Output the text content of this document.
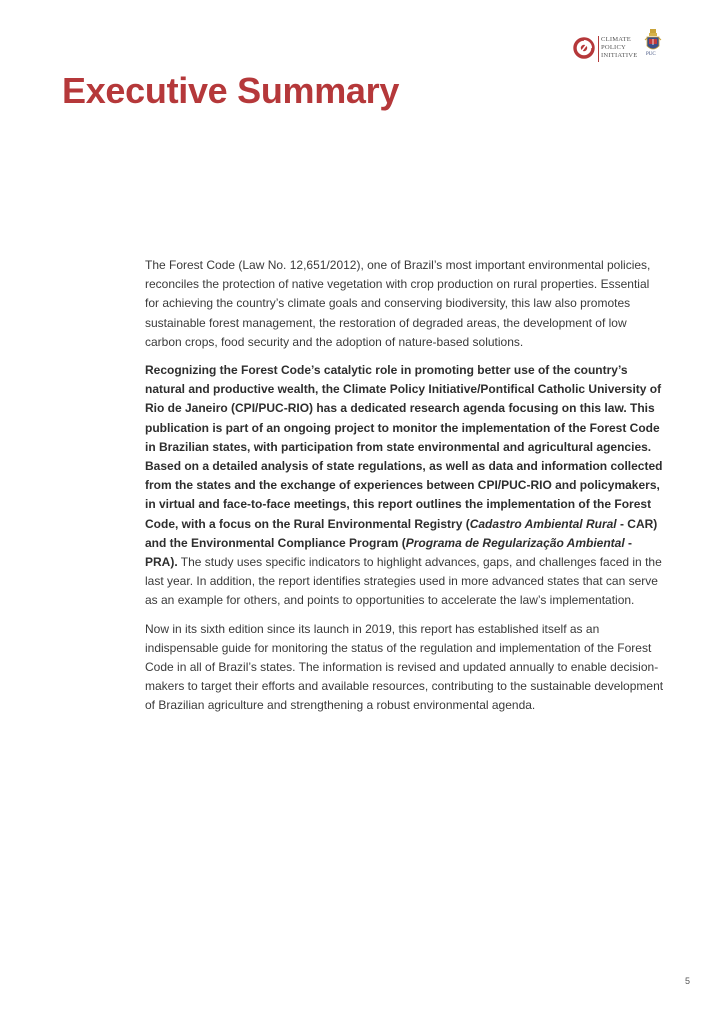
CLIMATE
POLICY
INITIATIVE PUC
Executive Summary

The Forest Code (Law No. 12,651/2012), one of Brazil’s most important environmental policies, reconciles the protection of native vegetation with crop production on rural properties. Essential for achieving the country’s climate goals and conserving biodiversity, this law also promotes sustainable forest management, the restoration of degraded areas, the development of low carbon crops, food security and the adoption of nature-based solutions.

Recognizing the Forest Code’s catalytic role in promoting better use of the country’s natural and productive wealth, the Climate Policy Initiative/Pontifical Catholic University of Rio de Janeiro (CPI/PUC-RIO) has a dedicated research agenda focusing on this law. This publication is part of an ongoing project to monitor the implementation of the Forest Code in Brazilian states, with participation from state environmental and agricultural agencies. Based on a detailed analysis of state regulations, as well as data and information collected from the states and the exchange of experiences between CPI/PUC-RIO and policymakers, in virtual and face-to-face meetings, this report outlines the implementation of the Forest Code, with a focus on the Rural Environmental Registry (Cadastro Ambiental Rural - CAR) and the Environmental Compliance Program (Programa de Regularização Ambiental - PRA). The study uses specific indicators to highlight advances, gaps, and challenges faced in the last year. In addition, the report identifies strategies used in more advanced states that can serve as an example for others, and points to opportunities to accelerate the law’s implementation.

Now in its sixth edition since its launch in 2019, this report has established itself as an indispensable guide for monitoring the status of the regulation and implementation of the Forest Code in all of Brazil’s states. The information is revised and updated annually to enable decision-makers to target their efforts and available resources, contributing to the sustainable development of Brazilian agriculture and strengthening a robust environmental agenda.

5
